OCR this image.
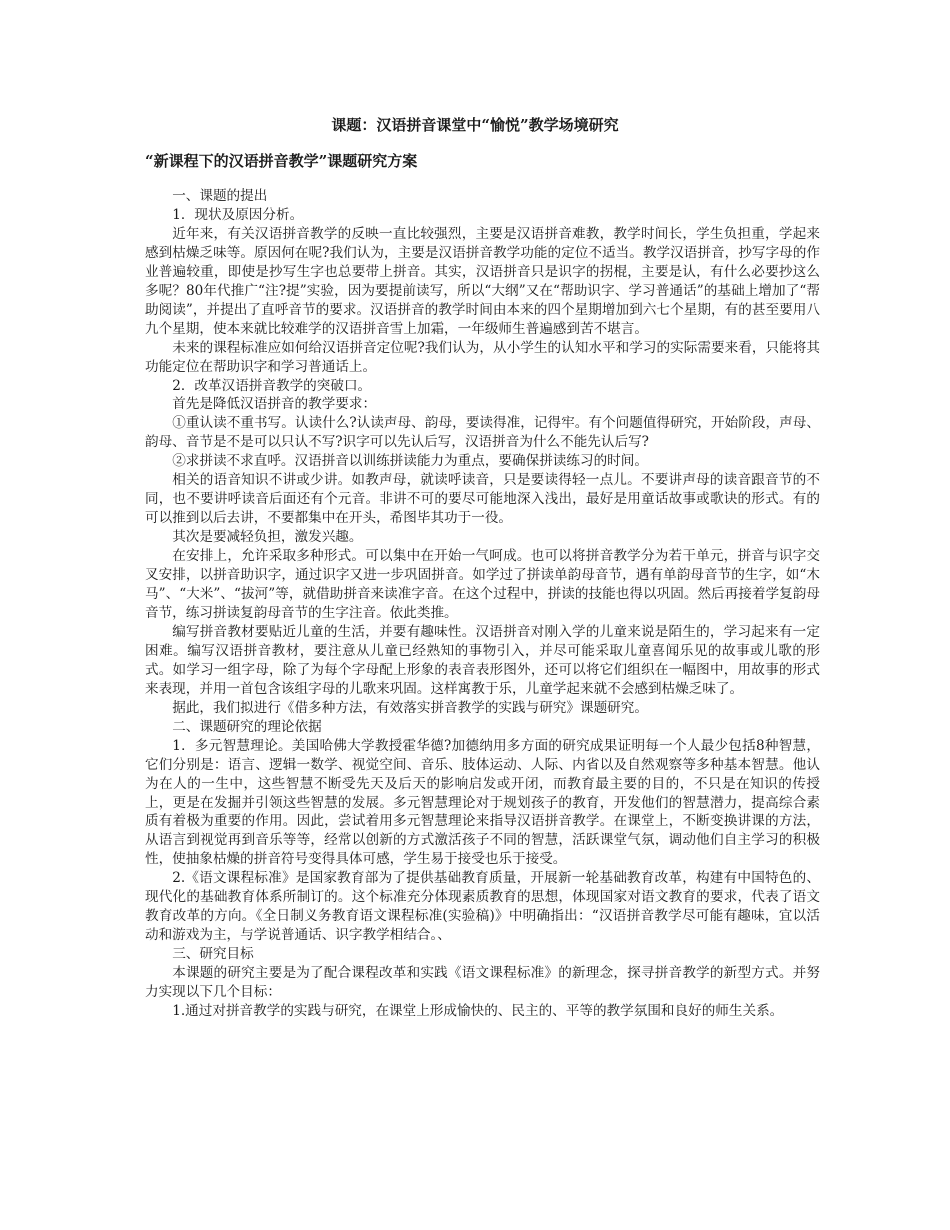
课题：汉语拼音课堂中“愉悦”教学场境研究
“新课程下的汉语拼音教学”课题研究方案

一、课题的提出

1．现状及原因分析。

近年来，有关汉语拼音教学的反映一直比较强烈，主要是汉语拼音难教，教学时间长，学生负担重，学起来感到枯燥乏味等。原因何在呢?我们认为，主要是汉语拼音教学功能的定位不适当。教学汉语拼音，抄写字母的作业普遍较重，即使是抄写生字也总要带上拼音。其实，汉语拼音只是识字的拐棍，主要是认，有什么必要抄这么多呢？80年代推广“注?提”实验，因为要提前读写，所以“大纲”又在“帮助识字、学习普通话”的基础上增加了“帮助阅读”，并提出了直呼音节的要求。汉语拼音的教学时间由本来的四个星期增加到六七个星期，有的甚至要用八九个星期，使本来就比较难学的汉语拼音雪上加霜，一年级师生普遍感到苦不堪言。

未来的课程标准应如何给汉语拼音定位呢?我们认为，从小学生的认知水平和学习的实际需要来看，只能将其功能定位在帮助识字和学习普通话上。

2．改革汉语拼音教学的突破口。

首先是降低汉语拼音的教学要求：

①重认读不重书写。认读什么?认读声母、韵母，要读得准，记得牢。有个问题值得研究，开始阶段，声母、韵母、音节是不是可以只认不写?识字可以先认后写，汉语拼音为什么不能先认后写?

②求拼读不求直呼。汉语拼音以训练拼读能力为重点，要确保拼读练习的时间。

相关的语音知识不讲或少讲。如教声母，就读呼读音，只是要读得轻一点儿。不要讲声母的读音跟音节的不同，也不要讲呼读音后面还有个元音。非讲不可的要尽可能地深入浅出，最好是用童话故事或歌诀的形式。有的可以推到以后去讲，不要都集中在开头，希图毕其功于一役。

其次是要减轻负担，激发兴趣。

在安排上，允许采取多种形式。可以集中在开始一气呵成。也可以将拼音教学分为若干单元，拼音与识字交叉安排，以拼音助识字，通过识字又进一步巩固拼音。如学过了拼读单韵母音节，遇有单韵母音节的生字，如“木马”、“大米”、“拔河”等，就借助拼音来读准字音。在这个过程中，拼读的技能也得以巩固。然后再接着学复韵母音节，练习拼读复韵母音节的生字注音。依此类推。

编写拼音教材要贴近儿童的生活，并要有趣味性。汉语拼音对刚入学的儿童来说是陌生的，学习起来有一定困难。编写汉语拼音教材，要注意从儿童已经熟知的事物引入，并尽可能采取儿童喜闻乐见的故事或儿歌的形式。如学习一组字母，除了为每个字母配上形象的表音表形图外，还可以将它们组织在一幅图中，用故事的形式来表现，并用一首包含该组字母的儿歌来巩固。这样寓教于乐，儿童学起来就不会感到枯燥乏味了。

据此，我们拟进行《借多种方法，有效落实拼音教学的实践与研究》课题研究。

二、课题研究的理论依据

1．多元智慧理论。美国哈佛大学教授霍华德?加德纳用多方面的研究成果证明每一个人最少包括8种智慧，它们分别是：语言、逻辑一数学、视觉空间、音乐、肢体运动、人际、内省以及自然观察等多种基本智慧。他认为在人的一生中，这些智慧不断受先天及后天的影响启发或开闭，而教育最主要的目的，不只是在知识的传授上，更是在发掘并引领这些智慧的发展。多元智慧理论对于规划孩子的教育，开发他们的智慧潜力，提高综合素质有着极为重要的作用。因此，尝试着用多元智慧理论来指导汉语拼音教学。在课堂上，不断变换讲课的方法，从语言到视觉再到音乐等等，经常以创新的方式激活孩子不同的智慧，活跃课堂气氛，调动他们自主学习的积极性，使抽象枯燥的拼音符号变得具体可感，学生易于接受也乐于接受。

2.《语文课程标准》是国家教育部为了提供基础教育质量，开展新一轮基础教育改革，构建有中国特色的、现代化的基础教育体系所制订的。这个标准充分体现素质教育的思想，体现国家对语文教育的要求，代表了语文教育改革的方向。《全日制义务教育语文课程标准(实验稿)》中明确指出：“汉语拼音教学尽可能有趣味，宜以活动和游戏为主，与学说普通话、识字教学相结合。、

三、研究目标

本课题的研究主要是为了配合课程改革和实践《语文课程标准》的新理念，探寻拼音教学的新型方式。并努力实现以下几个目标：

1.通过对拼音教学的实践与研究，在课堂上形成愉快的、民主的、平等的教学氛围和良好的师生关系。
